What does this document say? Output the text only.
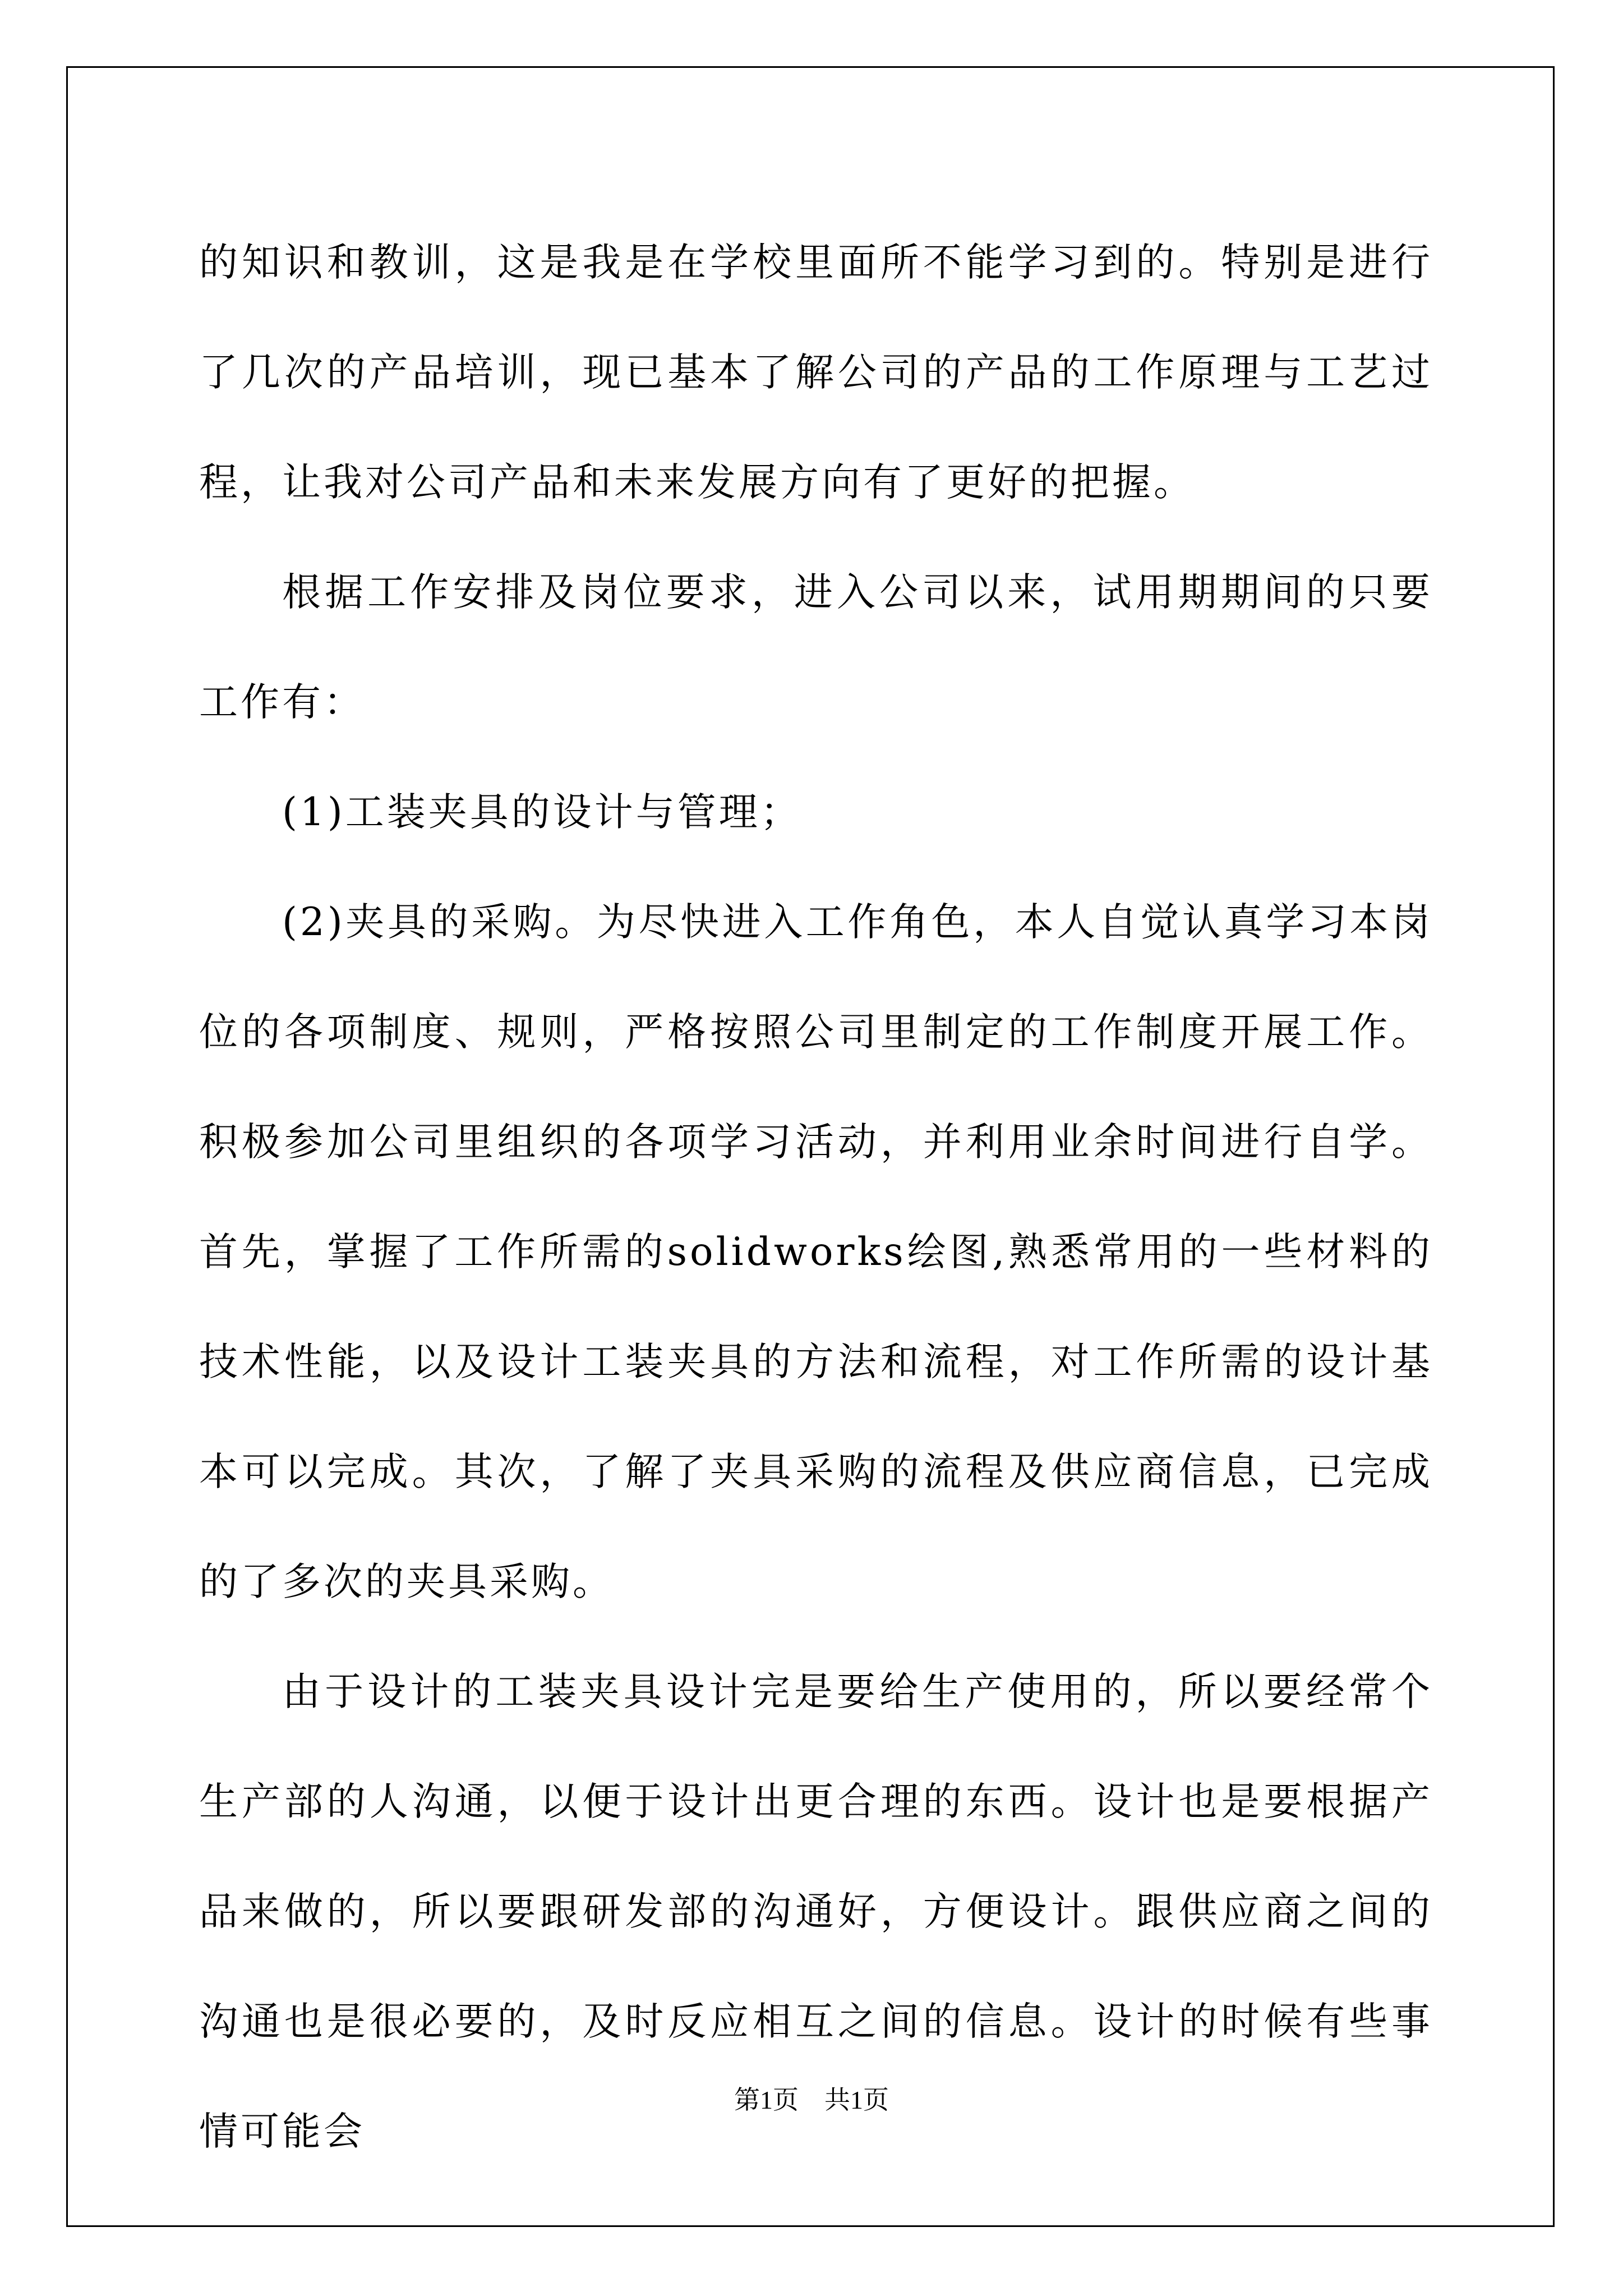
的知识和教训，这是我是在学校里面所不能学习到的。特别是进行了几次的产品培训，现已基本了解公司的产品的工作原理与工艺过程，让我对公司产品和未来发展方向有了更好的把握。

根据工作安排及岗位要求，进入公司以来，试用期期间的只要工作有：

(1)工装夹具的设计与管理；

(2)夹具的采购。为尽快进入工作角色，本人自觉认真学习本岗位的各项制度、规则，严格按照公司里制定的工作制度开展工作。积极参加公司里组织的各项学习活动，并利用业余时间进行自学。首先，掌握了工作所需的solidworks绘图,熟悉常用的一些材料的技术性能，以及设计工装夹具的方法和流程，对工作所需的设计基本可以完成。其次，了解了夹具采购的流程及供应商信息，已完成的了多次的夹具采购。

由于设计的工装夹具设计完是要给生产使用的，所以要经常个生产部的人沟通，以便于设计出更合理的东西。设计也是要根据产品来做的，所以要跟研发部的沟通好，方便设计。跟供应商之间的沟通也是很必要的，及时反应相互之间的信息。设计的时候有些事情可能会

第1页　共1页
